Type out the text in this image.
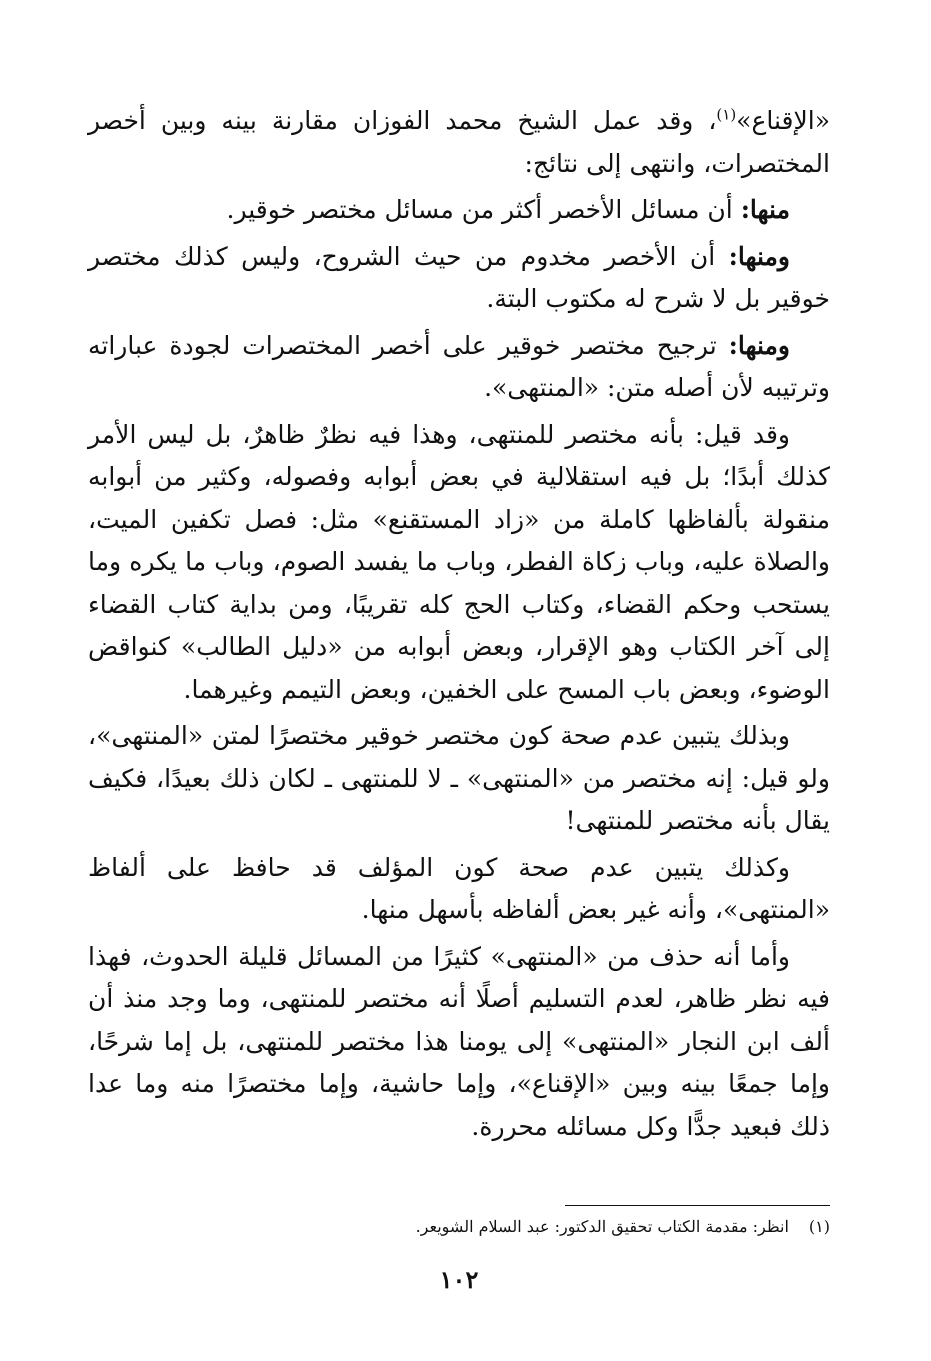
«الإقناع»$^{(١)}$، وقد عمل الشيخ محمد الفوزان مقارنة بينه وبين أخصر المختصرات، وانتهى إلى نتائج:

منها: أن مسائل الأخصر أكثر من مسائل مختصر خوقير.

ومنها: أن الأخصر مخدوم من حيث الشروح، وليس كذلك مختصر خوقير بل لا شرح له مكتوب البتة.

ومنها: ترجيح مختصر خوقير على أخصر المختصرات لجودة عباراته وترتيبه لأن أصله متن: «المنتهى».

وقد قيل: بأنه مختصر للمنتهى، وهذا فيه نظرٌ ظاهرٌ، بل ليس الأمر كذلك أبدًا؛ بل فيه استقلالية في بعض أبوابه وفصوله، وكثير من أبوابه منقولة بألفاظها كاملة من «زاد المستقنع» مثل: فصل تكفين الميت، والصلاة عليه، وباب زكاة الفطر، وباب ما يفسد الصوم، وباب ما يكره وما يستحب وحكم القضاء، وكتاب الحج كله تقريبًا، ومن بداية كتاب القضاء إلى آخر الكتاب وهو الإقرار، وبعض أبوابه من «دليل الطالب» كنواقض الوضوء، وبعض باب المسح على الخفين، وبعض التيمم وغيرهما.

وبذلك يتبين عدم صحة كون مختصر خوقير مختصرًا لمتن «المنتهى»، ولو قيل: إنه مختصر من «المنتهى» ـ لا للمنتهى ـ لكان ذلك بعيدًا، فكيف يقال بأنه مختصر للمنتهى!

وكذلك يتبين عدم صحة كون المؤلف قد حافظ على ألفاظ «المنتهى»، وأنه غير بعض ألفاظه بأسهل منها.

وأما أنه حذف من «المنتهى» كثيرًا من المسائل قليلة الحدوث، فهذا فيه نظر ظاهر، لعدم التسليم أصلًا أنه مختصر للمنتهى، وما وجد منذ أن ألف ابن النجار «المنتهى» إلى يومنا هذا مختصر للمنتهى، بل إما شرحًا، وإما جمعًا بينه وبين «الإقناع»، وإما حاشية، وإما مختصرًا منه وما عدا ذلك فبعيد جدًّا وكل مسائله محررة.

(١)انظر: مقدمة الكتاب تحقيق الدكتور: عبد السلام الشويعر.
١٠٢
